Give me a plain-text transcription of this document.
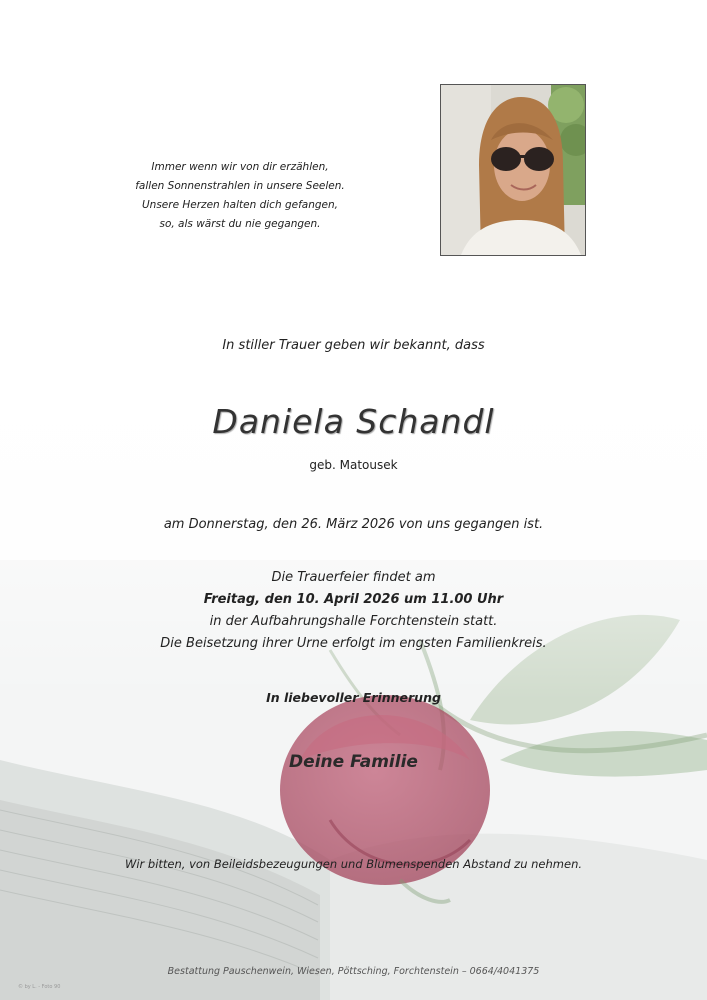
Immer wenn wir von dir erzählen,
fallen Sonnenstrahlen in unsere Seelen.
Unsere Herzen halten dich gefangen,
so, als wärst du nie gegangen.
In stiller Trauer geben wir bekannt, dass
Daniela Schandl
geb. Matousek
am Donnerstag, den 26. März 2026 von uns gegangen ist.
Die Trauerfeier findet am
Freitag, den 10. April 2026 um 11.00 Uhr
in der Aufbahrungshalle Forchtenstein statt.
Die Beisetzung ihrer Urne erfolgt im engsten Familienkreis.
In liebevoller Erinnerung
Deine Familie
Wir bitten, von Beileidsbezeugungen und Blumenspenden Abstand zu nehmen.
Bestattung Pauschenwein, Wiesen, Pöttsching, Forchtenstein – 0664/4041375
© by L. - Foto 90
